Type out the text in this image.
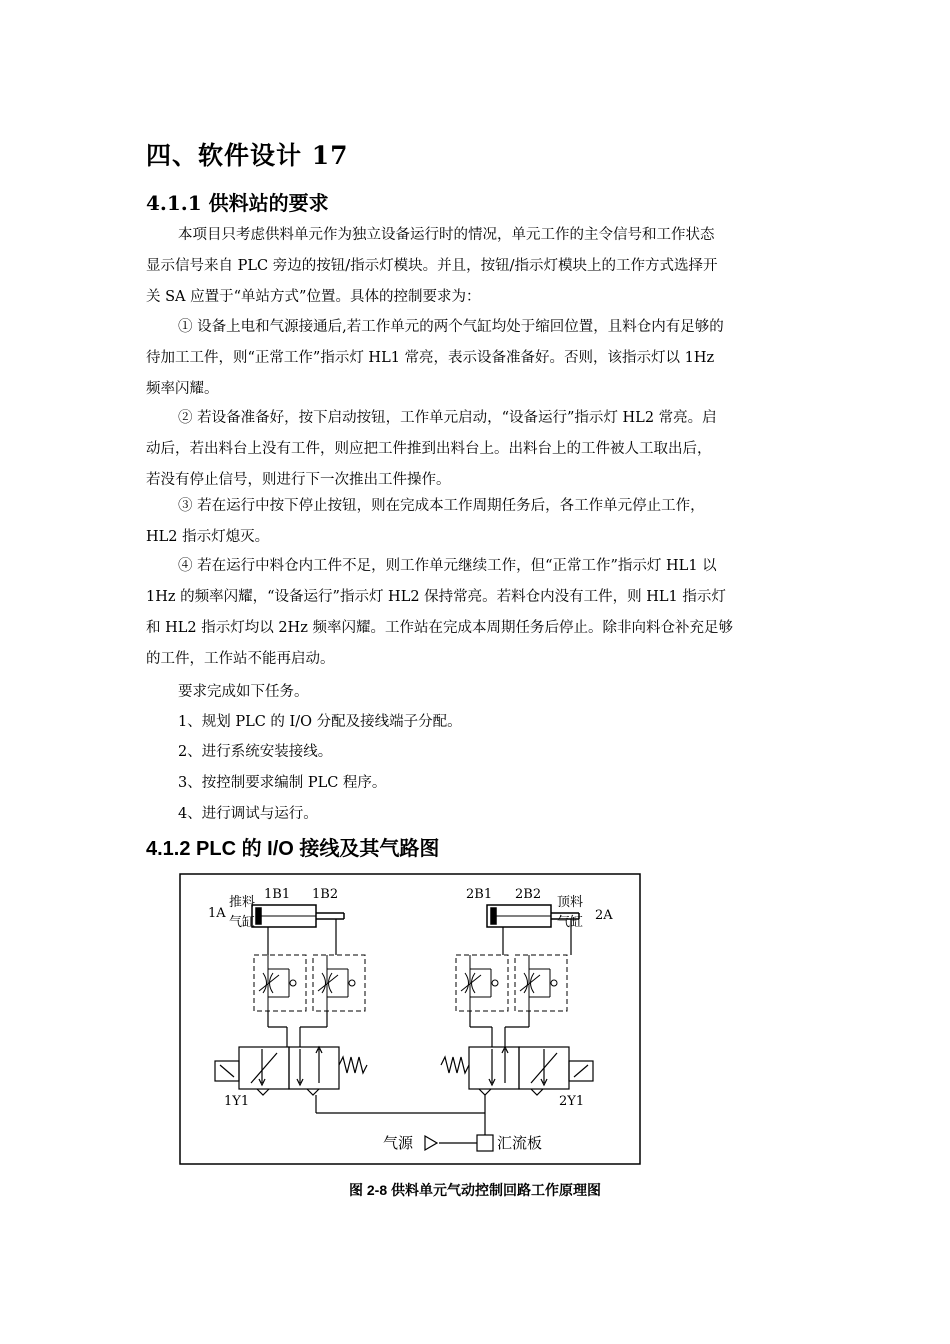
四、软件设计 17
4.1.1 供料站的要求
本项目只考虑供料单元作为独立设备运行时的情况，单元工作的主令信号和工作状态
显示信号来自 PLC 旁边的按钮/指示灯模块。并且，按钮/指示灯模块上的工作方式选择开
关 SA 应置于“单站方式”位置。具体的控制要求为：
① 设备上电和气源接通后,若工作单元的两个气缸均处于缩回位置，且料仓内有足够的
待加工工件，则“正常工作”指示灯 HL1 常亮，表示设备准备好。否则，该指示灯以 1Hz
频率闪耀。
② 若设备准备好，按下启动按钮，工作单元启动，“设备运行”指示灯 HL2 常亮。启
动后，若出料台上没有工件，则应把工件推到出料台上。出料台上的工件被人工取出后，
若没有停止信号，则进行下一次推出工件操作。
③ 若在运行中按下停止按钮，则在完成本工作周期任务后，各工作单元停止工作，
HL2 指示灯熄灭。
④ 若在运行中料仓内工件不足，则工作单元继续工作，但“正常工作”指示灯 HL1 以
1Hz 的频率闪耀，“设备运行”指示灯 HL2 保持常亮。若料仓内没有工件，则 HL1 指示灯
和 HL2 指示灯均以 2Hz 频率闪耀。工作站在完成本周期任务后停止。除非向料仓补充足够
的工件，工作站不能再启动。
要求完成如下任务。
1、规划 PLC 的 I/O 分配及接线端子分配。
2、进行系统安装接线。
3、按控制要求编制 PLC 程序。
4、进行调试与运行。
4.1.2 PLC 的 I/O 接线及其气路图
1A
推料
气缸
1B1 1B2	2B1 2B2
顶料
气缸 2A
1Y1	2Y1
气源	汇流板
图 2-8 供料单元气动控制回路工作原理图
